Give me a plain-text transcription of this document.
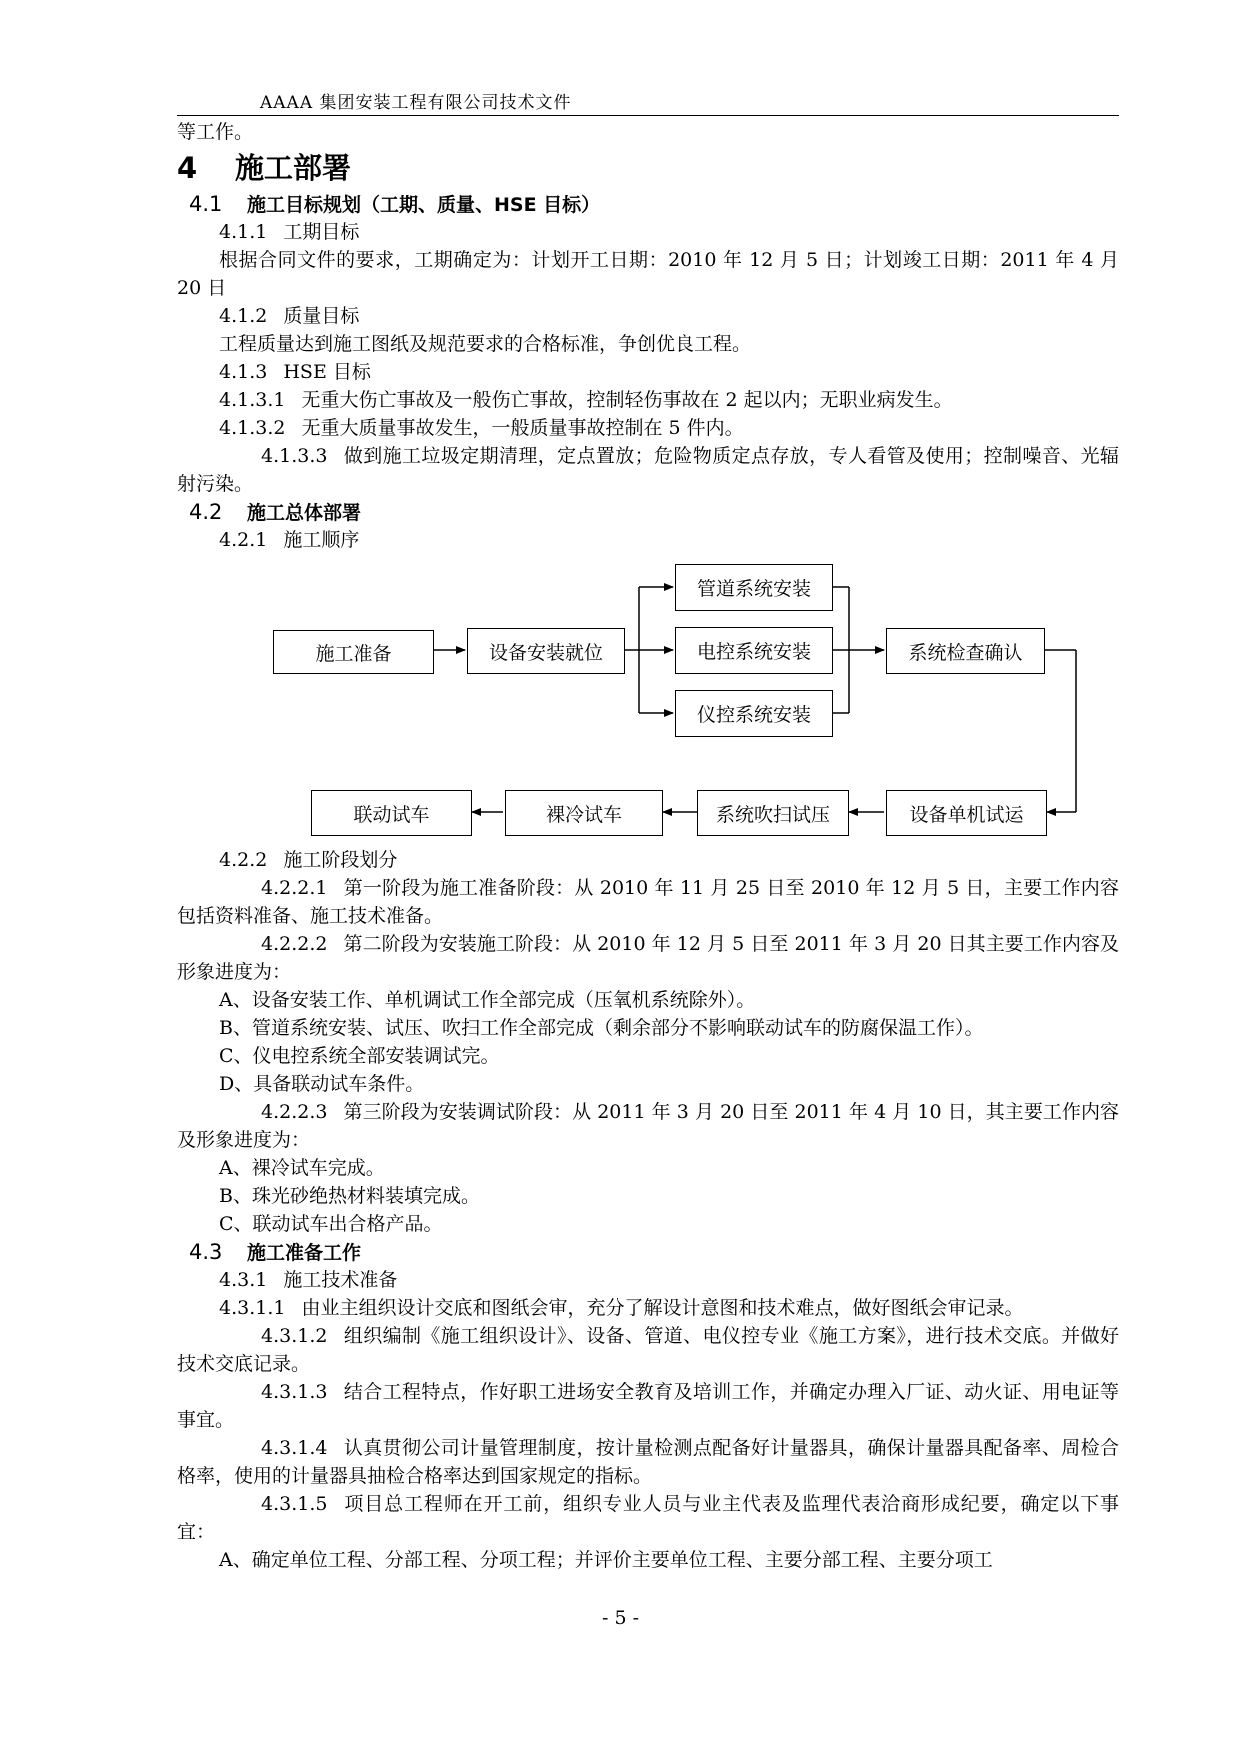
AAAA 集团安装工程有限公司技术文件
等工作。
4 施工部署
4.1 施工目标规划（工期、质量、HSE 目标）
4.1.1 工期目标
根据合同文件的要求，工期确定为：计划开工日期：2010 年 12 月 5 日；计划竣工日期：2011 年 4 月 20 日
4.1.2 质量目标
工程质量达到施工图纸及规范要求的合格标准，争创优良工程。
4.1.3 HSE 目标
4.1.3.1 无重大伤亡事故及一般伤亡事故，控制轻伤事故在 2 起以内；无职业病发生。
4.1.3.2 无重大质量事故发生，一般质量事故控制在 5 件内。
4.1.3.3 做到施工垃圾定期清理，定点置放；危险物质定点存放，专人看管及使用；控制噪音、光辐射污染。
4.2 施工总体部署
4.2.1 施工顺序
施工准备	设备安装就位
管道系统安装
电控系统安装
仪控系统安装
系统检查确认
设备单机试运
系统吹扫试压
裸冷试车
联动试车
4.2.2 施工阶段划分
4.2.2.1 第一阶段为施工准备阶段：从 2010 年 11 月 25 日至 2010 年 12 月 5 日，主要工作内容包括资料准备、施工技术准备。
4.2.2.2 第二阶段为安装施工阶段：从 2010 年 12 月 5 日至 2011 年 3 月 20 日其主要工作内容及形象进度为：
A、设备安装工作、单机调试工作全部完成（压氧机系统除外）。
B、管道系统安装、试压、吹扫工作全部完成（剩余部分不影响联动试车的防腐保温工作）。
C、仪电控系统全部安装调试完。
D、具备联动试车条件。
4.2.2.3 第三阶段为安装调试阶段：从 2011 年 3 月 20 日至 2011 年 4 月 10 日，其主要工作内容及形象进度为：
A、裸冷试车完成。
B、珠光砂绝热材料装填完成。
C、联动试车出合格产品。
4.3 施工准备工作
4.3.1 施工技术准备
4.3.1.1 由业主组织设计交底和图纸会审，充分了解设计意图和技术难点，做好图纸会审记录。
4.3.1.2 组织编制《施工组织设计》、设备、管道、电仪控专业《施工方案》，进行技术交底。并做好技术交底记录。
4.3.1.3 结合工程特点，作好职工进场安全教育及培训工作，并确定办理入厂证、动火证、用电证等事宜。
4.3.1.4 认真贯彻公司计量管理制度，按计量检测点配备好计量器具，确保计量器具配备率、周检合格率，使用的计量器具抽检合格率达到国家规定的指标。
4.3.1.5 项目总工程师在开工前，组织专业人员与业主代表及监理代表洽商形成纪要，确定以下事宜：
A、确定单位工程、分部工程、分项工程；并评价主要单位工程、主要分部工程、主要分项工
- 5 -
